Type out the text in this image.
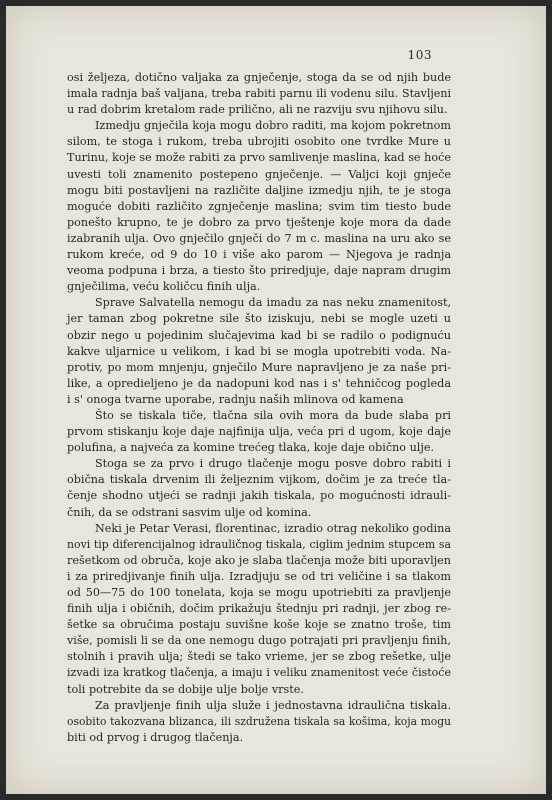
103
osi željeza, dotično valjaka za gnječenje, stoga da se od njih bude
imala radnja baš valjana, treba rabiti parnu ili vodenu silu. Stavljeni
u rad dobrim kretalom rade prilično, ali ne razviju svu njihovu silu.
Izmedju gnječila koja mogu dobro raditi, ma kojom pokretnom
silom, te stoga i rukom, treba ubrojiti osobito one tvrdke Mure u
Turinu, koje se može rabiti za prvo samlivenje maslina, kad se hoće
uvesti toli znamenito postepeno gnječenje. — Valjci koji gnječe
mogu biti postavljeni na različite daljine izmedju njih, te je stoga
moguće dobiti različito zgnječenje maslina; svim tim tiesto bude
ponešto krupno, te je dobro za prvo tještenje koje mora da dade
izabranih ulja. Ovo gnječilo gnječi do 7 m c. maslina na uru ako se
rukom kreće, od 9 do 10 i više ako parom — Njegova je radnja
veoma podpuna i brza, a tiesto što priredjuje, daje napram drugim
gnječilima, veću količcu finih ulja.
Sprave Salvatella nemogu da imadu za nas neku znamenitost,
jer taman zbog pokretne sile što iziskuju, nebi se mogle uzeti u
obzir nego u pojedinim slučajevima kad bi se radilo o podignuću
kakve uljarnice u velikom, i kad bi se mogla upotrebiti voda. Na-
protiv, po mom mnjenju, gnječilo Mure napravljeno je za naše pri-
like, a opredieljeno je da nadopuni kod nas i s' tehničcog pogleda
i s' onoga tvarne uporabe, radnju naših mlinova od kamena
Što se tiskala tiče, tlačna sila ovih mora da bude slaba pri
prvom stiskanju koje daje najfinija ulja, veća pri d ugom, koje daje
polufina, a najveća za komine trećeg tlaka, koje daje obično ulje.
Stoga se za prvo i drugo tlačenje mogu posve dobro rabiti i
obična tiskala drvenim ili željeznim vijkom, dočim je za treće tla-
čenje shodno utjeći se radnji jakih tiskala, po mogućnosti idrauli-
čnih, da se odstrani sasvim ulje od komina.
Neki je Petar Verasi, florentinac, izradio otrag nekoliko godina
novi tip diferencijalnog idrauličnog tiskala, ciglim jednim stupcem sa
rešetkom od obruča, koje ako je slaba tlačenja može biti uporavljen
i za priredjivanje finih ulja. Izradjuju se od tri veličine i sa tlakom
od 50—75 do 100 tonelata, koja se mogu upotriebiti za pravljenje
finih ulja i običnih, dočim prikažuju štednju pri radnji, jer zbog re-
šetke sa obručima postaju suvišne koše koje se znatno troše, tim
više, pomisli li se da one nemogu dugo potrajati pri pravljenju finih,
stolnih i pravih ulja; štedi se tako vrieme, jer se zbog rešetke, ulje
izvadi iza kratkog tlačenja, a imaju i veliku znamenitost veće čistoće
toli potrebite da se dobije ulje bolje vrste.
Za pravljenje finih ulja služe i jednostavna idraulična tiskala.
osobito takozvana blizanca, ili szdružena tiskala sa košima, koja mogu
biti od prvog i drugog tlačenja.
